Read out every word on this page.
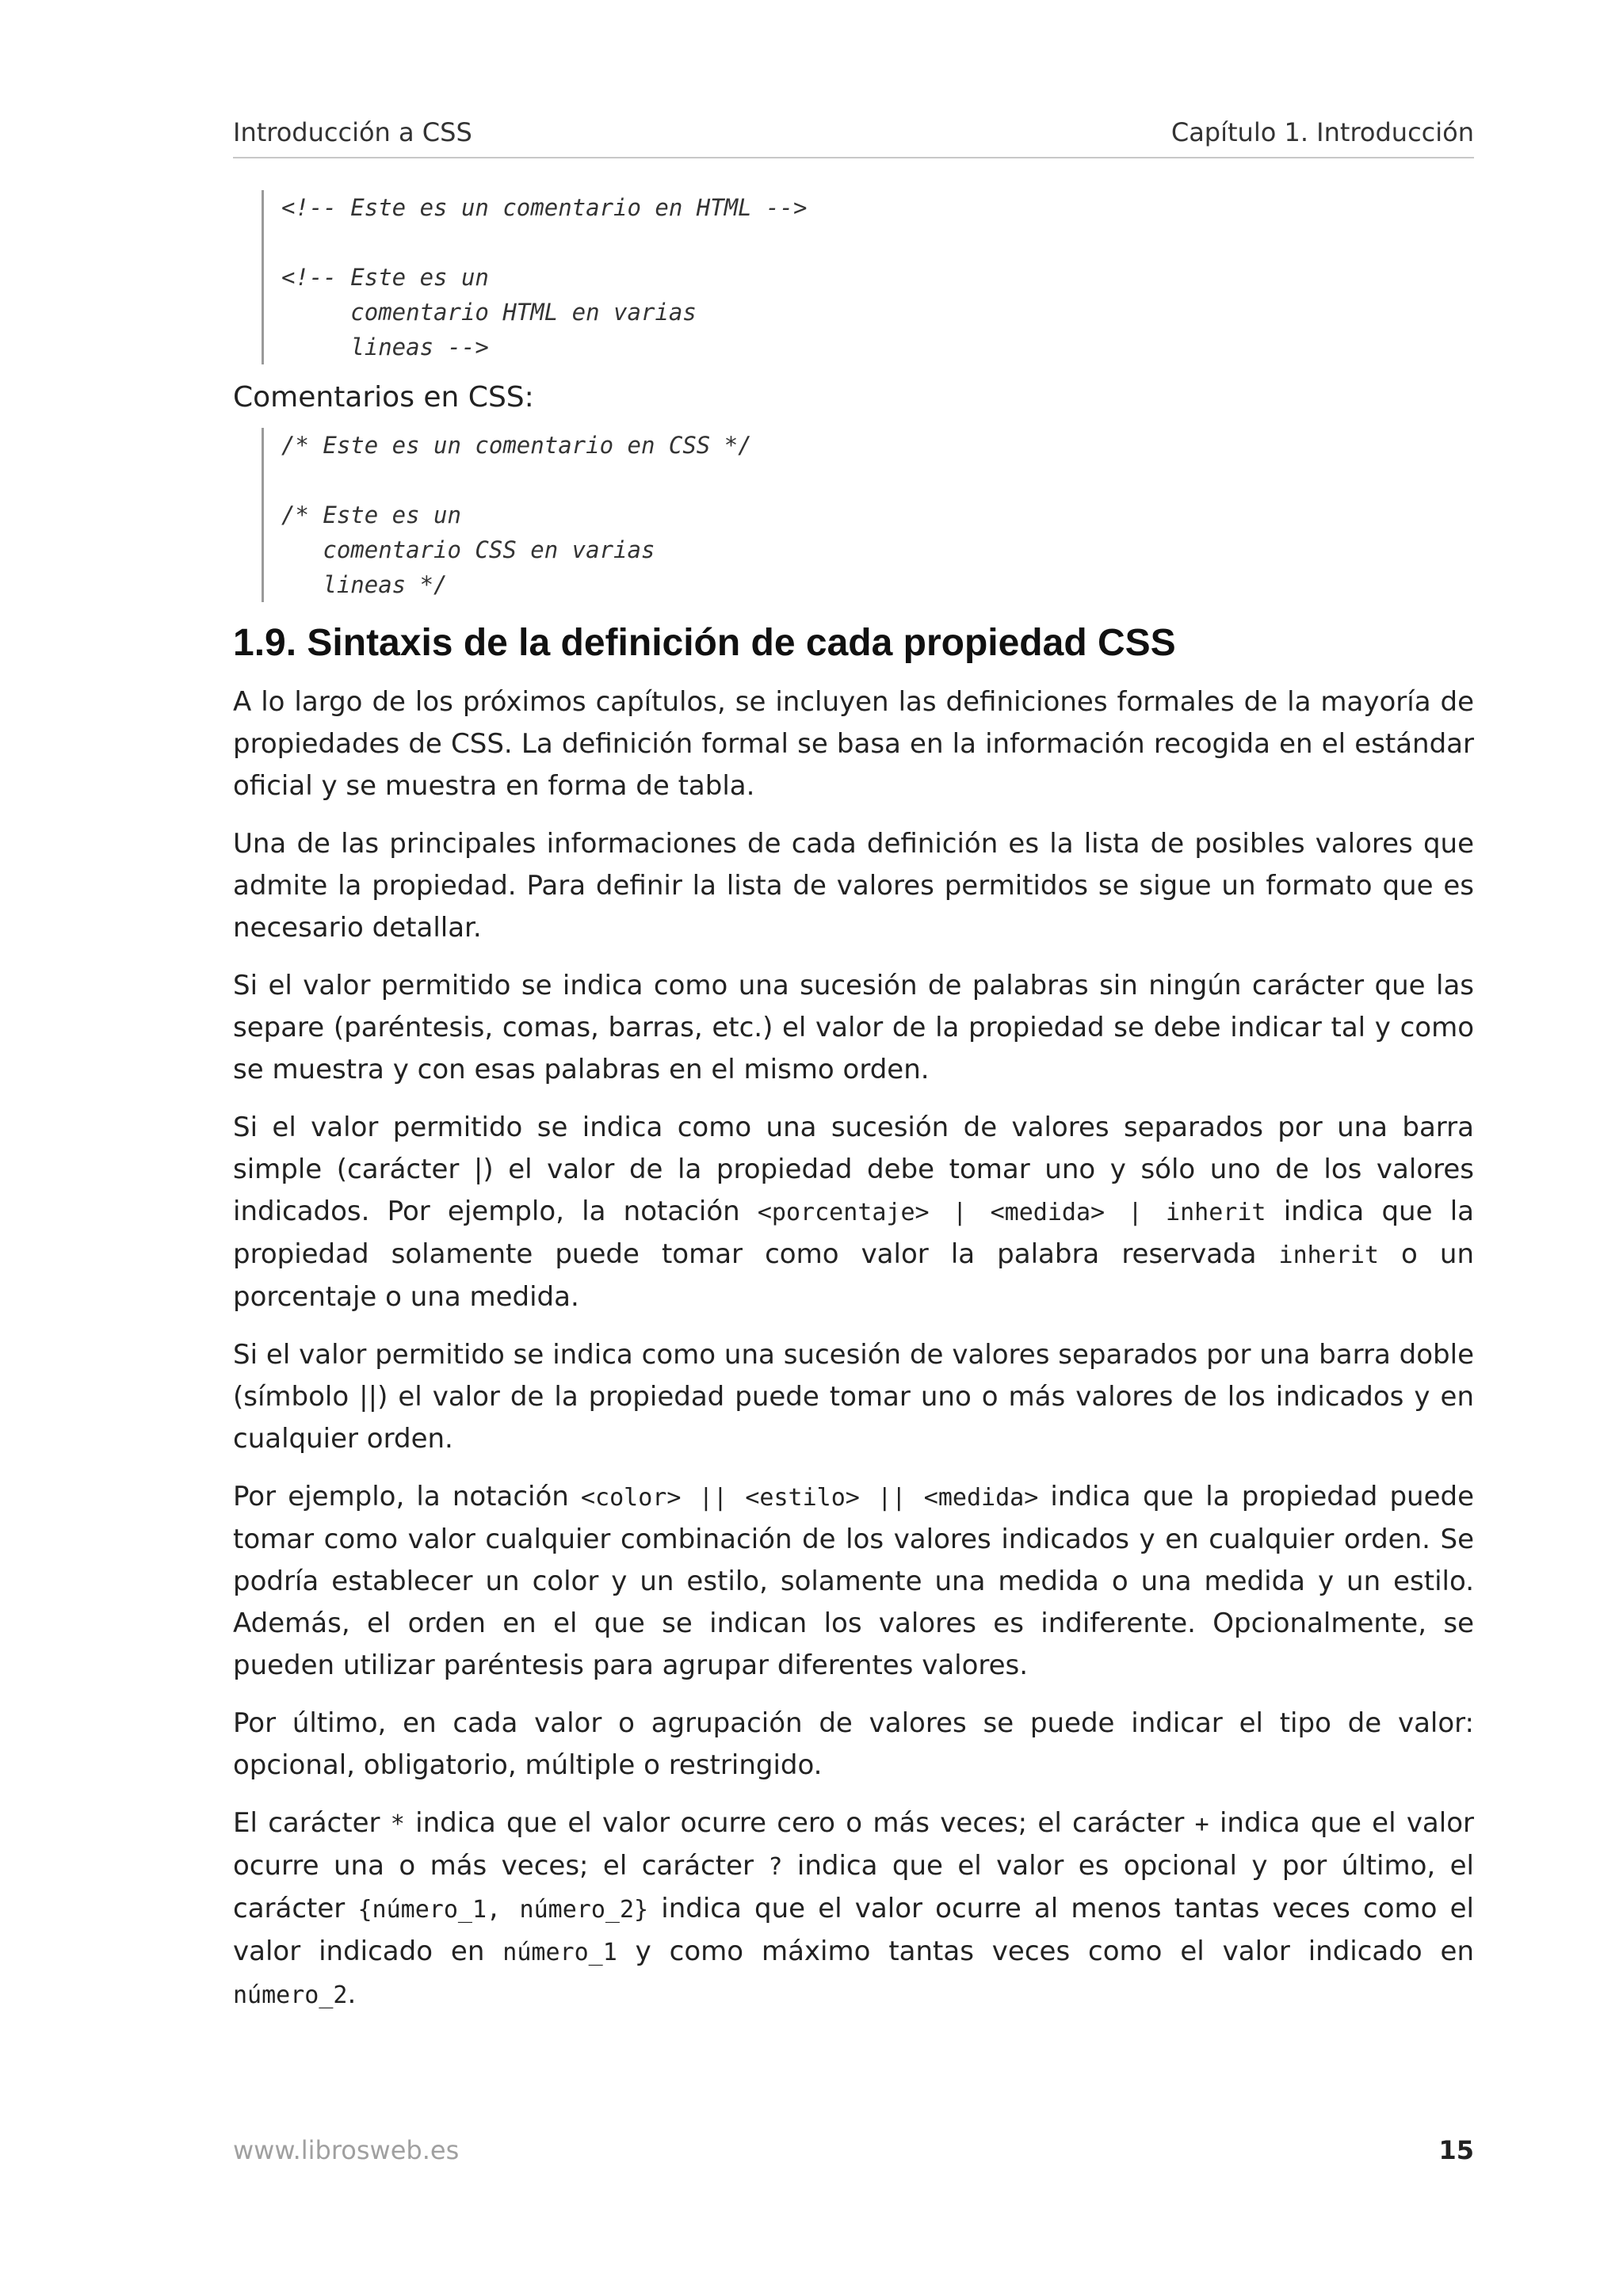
Introducción a CSS	Capítulo 1. Introducción
<!-- Este es un comentario en HTML -->

<!-- Este es un
comentario HTML en varias
lineas -->
Comentarios en CSS:
/* Este es un comentario en CSS */

/* Este es un
comentario CSS en varias
lineas */
1.9. Sintaxis de la definición de cada propiedad CSS

A lo largo de los próximos capítulos, se incluyen las definiciones formales de la mayoría de propiedades de CSS. La definición formal se basa en la información recogida en el estándar oficial y se muestra en forma de tabla.

Una de las principales informaciones de cada definición es la lista de posibles valores que admite la propiedad. Para definir la lista de valores permitidos se sigue un formato que es necesario detallar.

Si el valor permitido se indica como una sucesión de palabras sin ningún carácter que las separe (paréntesis, comas, barras, etc.) el valor de la propiedad se debe indicar tal y como se muestra y con esas palabras en el mismo orden.

Si el valor permitido se indica como una sucesión de valores separados por una barra simple (carácter |) el valor de la propiedad debe tomar uno y sólo uno de los valores indicados. Por ejemplo, la notación <porcentaje> | <medida> | inherit indica que la propiedad solamente puede tomar como valor la palabra reservada inherit o un porcentaje o una medida.

Si el valor permitido se indica como una sucesión de valores separados por una barra doble (símbolo ||) el valor de la propiedad puede tomar uno o más valores de los indicados y en cualquier orden.

Por ejemplo, la notación <color> || <estilo> || <medida> indica que la propiedad puede tomar como valor cualquier combinación de los valores indicados y en cualquier orden. Se podría establecer un color y un estilo, solamente una medida o una medida y un estilo. Además, el orden en el que se indican los valores es indiferente. Opcionalmente, se pueden utilizar paréntesis para agrupar diferentes valores.

Por último, en cada valor o agrupación de valores se puede indicar el tipo de valor: opcional, obligatorio, múltiple o restringido.

El carácter * indica que el valor ocurre cero o más veces; el carácter + indica que el valor ocurre una o más veces; el carácter ? indica que el valor es opcional y por último, el carácter {número_1, número_2} indica que el valor ocurre al menos tantas veces como el valor indicado en número_1 y como máximo tantas veces como el valor indicado en número_2.

www.librosweb.es	15
